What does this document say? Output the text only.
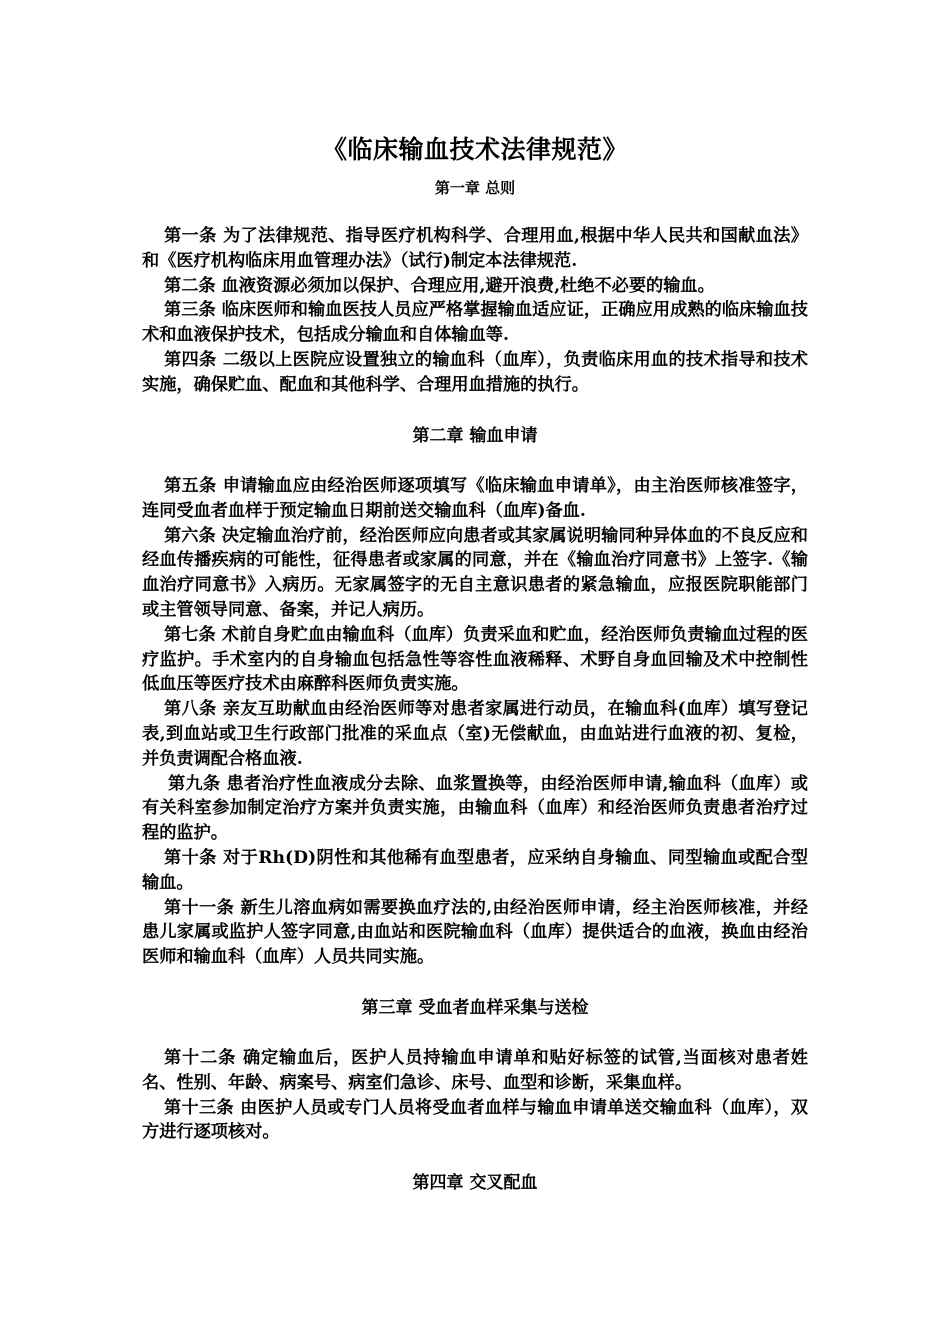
《临床输血技术法律规范》
第一章 总则

第一条 为了法律规范、指导医疗机构科学、合理用血,根据中华人民共和国献血法》和《医疗机构临床用血管理办法》（试行)制定本法律规范.

第二条 血液资源必须加以保护、合理应用,避开浪费,杜绝不必要的输血。

第三条 临床医师和输血医技人员应严格掌握输血适应证，正确应用成熟的临床输血技术和血液保护技术，包括成分输血和自体输血等.

第四条 二级以上医院应设置独立的输血科（血库），负责临床用血的技术指导和技术实施，确保贮血、配血和其他科学、合理用血措施的执行。

第二章 输血申请

第五条 申请输血应由经治医师逐项填写《临床输血申请单》，由主治医师核准签字，连同受血者血样于预定输血日期前送交输血科（血库)备血.

第六条 决定输血治疗前，经治医师应向患者或其家属说明输同种异体血的不良反应和经血传播疾病的可能性，征得患者或家属的同意，并在《输血治疗同意书》上签字.《输血治疗同意书》入病历。无家属签字的无自主意识患者的紧急输血，应报医院职能部门或主管领导同意、备案，并记人病历。

第七条 术前自身贮血由输血科（血库）负责采血和贮血，经治医师负责输血过程的医疗监护。手术室内的自身输血包括急性等容性血液稀释、术野自身血回输及术中控制性低血压等医疗技术由麻醉科医师负责实施。

第八条 亲友互助献血由经治医师等对患者家属进行动员，在输血科(血库）填写登记表,到血站或卫生行政部门批准的采血点（室)无偿献血，由血站进行血液的初、复检，并负责调配合格血液.

第九条 患者治疗性血液成分去除、血浆置换等，由经治医师申请,输血科（血库）或有关科室参加制定治疗方案并负责实施，由输血科（血库）和经治医师负责患者治疗过程的监护。

第十条 对于Rh(D)阴性和其他稀有血型患者，应采纳自身输血、同型输血或配合型输血。

第十一条 新生儿溶血病如需要换血疗法的,由经治医师申请，经主治医师核准，并经患儿家属或监护人签字同意,由血站和医院输血科（血库）提供适合的血液，换血由经治医师和输血科（血库）人员共同实施。

第三章 受血者血样采集与送检

第十二条 确定输血后，医护人员持输血申请单和贴好标签的试管,当面核对患者姓名、性别、年龄、病案号、病室们急诊、床号、血型和诊断，采集血样。

第十三条 由医护人员或专门人员将受血者血样与输血申请单送交输血科（血库），双方进行逐项核对。

第四章 交叉配血
